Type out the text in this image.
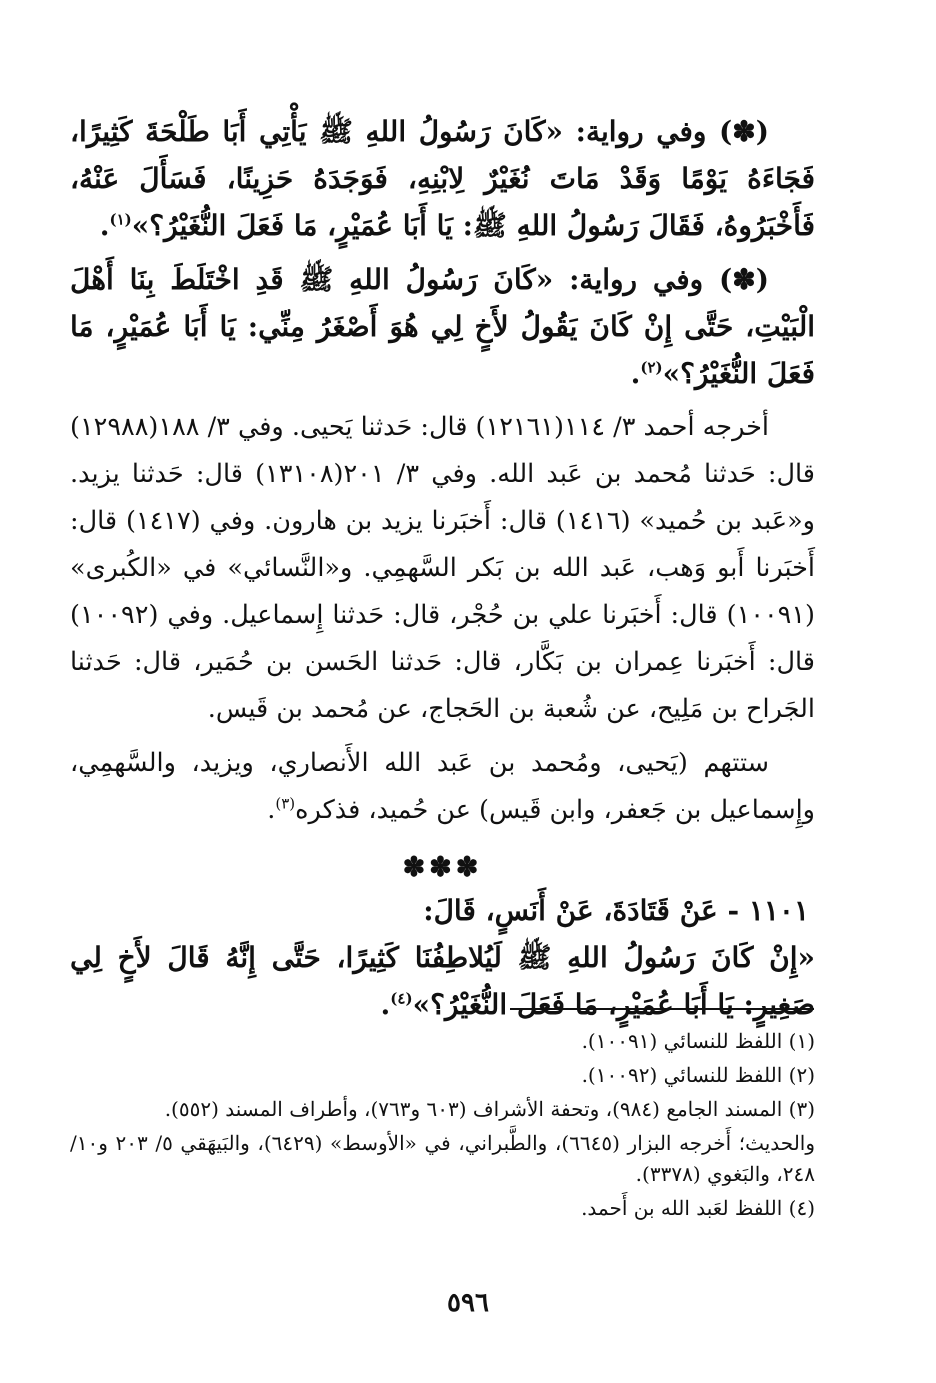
(✽) وفي رواية: «كَانَ رَسُولُ اللهِ ﷺ يَأْتِي أَبَا طَلْحَةَ كَثِيرًا، فَجَاءَهُ يَوْمًا وَقَدْ مَاتَ نُغَيْرٌ لِابْنِهِ، فَوَجَدَهُ حَزِينًا، فَسَأَلَ عَنْهُ، فَأَخْبَرُوهُ، فَقَالَ رَسُولُ اللهِ ﷺ: يَا أَبَا عُمَيْرٍ، مَا فَعَلَ النُّغَيْرُ؟»$^{(١)}$.

(✽) وفي رواية: «كَانَ رَسُولُ اللهِ ﷺ قَدِ اخْتَلَطَ بِنَا أَهْلَ الْبَيْتِ، حَتَّى إِنْ كَانَ يَقُولُ لأَخٍ لِي هُوَ أَصْغَرُ مِنِّي: يَا أَبَا عُمَيْرٍ، مَا فَعَلَ النُّغَيْرُ؟»$^{(٢)}$.

أخرجه أحمد ٣/ ١١٤(١٢١٦١) قال: حَدثنا يَحيى. وفي ٣/ ١٨٨(١٢٩٨٨) قال: حَدثنا مُحمد بن عَبد الله. وفي ٣/ ٢٠١(١٣١٠٨) قال: حَدثنا يزيد. و«عَبد بن حُميد» (١٤١٦) قال: أَخبَرنا يزيد بن هارون. وفي (١٤١٧) قال: أَخبَرنا أَبو وَهب، عَبد الله بن بَكر السَّهمِي. و«النَّسائي» في «الكُبرى» (١٠٠٩١) قال: أَخبَرنا علي بن حُجْر، قال: حَدثنا إِسماعيل. وفي (١٠٠٩٢) قال: أَخبَرنا عِمران بن بَكَّار، قال: حَدثنا الحَسن بن حُمَير، قال: حَدثنا الجَراح بن مَلِيح، عن شُعبة بن الحَجاج، عن مُحمد بن قَيس.

ستتهم (يَحيى، ومُحمد بن عَبد الله الأَنصاري، ويزيد، والسَّهمِي، وإِسماعيل بن جَعفر، وابن قَيس) عن حُميد، فذكره$^{(٣)}$.

✽✽✽

١١٠١ - عَنْ قَتَادَةَ، عَنْ أَنَسٍ، قَالَ:

«إِنْ كَانَ رَسُولُ اللهِ ﷺ لَيُلاطِفُنَا كَثِيرًا، حَتَّى إِنَّهُ قَالَ لأَخٍ لِي صَغِيرٍ: يَا أَبَا عُمَيْرٍ، مَا فَعَلَ النُّغَيْرُ؟»$^{(٤)}$.

(١) اللفظ للنسائي (١٠٠٩١).

(٢) اللفظ للنسائي (١٠٠٩٢).

(٣) المسند الجامع (٩٨٤)، وتحفة الأشراف (٦٠٣ و٧٦٣)، وأطراف المسند (٥٥٢).

والحديث؛ أَخرجه البزار (٦٦٤٥)، والطَّبراني، في «الأوسط» (٦٤٢٩)، والبَيهَقي ٥/ ٢٠٣ و١٠/ ٢٤٨، والبَغوي (٣٣٧٨).

(٤) اللفظ لعَبد الله بن أَحمد.

٥٩٦
